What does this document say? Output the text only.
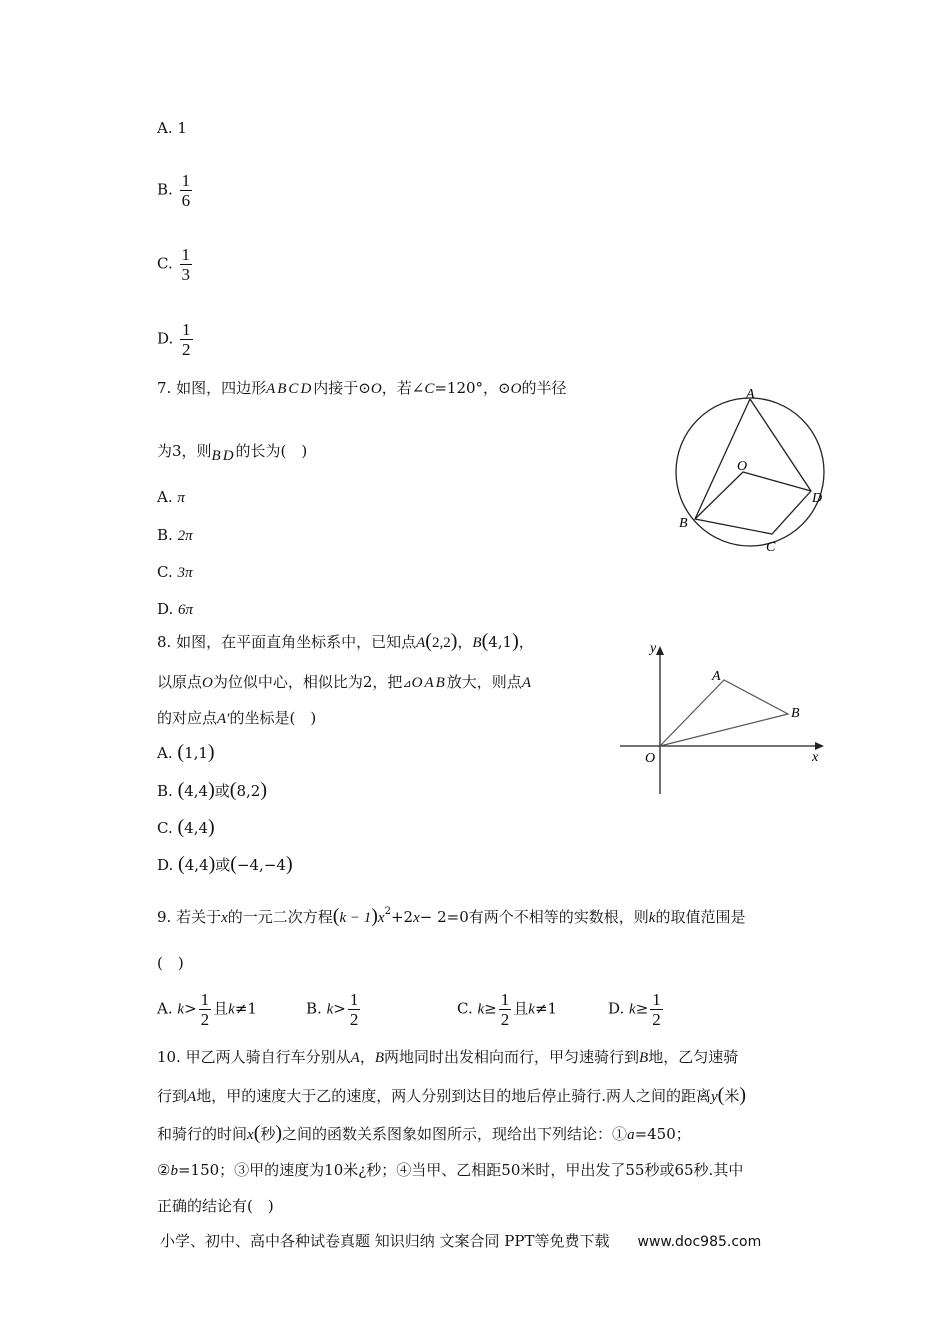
A. 1
B. $\frac{1}{6}$
C. $\frac{1}{3}$
D. $\frac{1}{2}$
7. 如图，四边形ABCD内接于⊙O，若∠C=120°，⊙O的半径
为3，则BD的长为(　)
A. π
B. 2π
C. 3π
D. 6π
A
B
C
D
O
8. 如图，在平面直角坐标系中，已知点A(2,2)，B(4,1)，
以原点O为位似中心，相似比为2，把⊿OAB放大，则点A
的对应点A′的坐标是(　)
A. (1,1)
B. (4,4)或(8,2)
C. (4,4)
D. (4,4)或(−4,−4)
y
x
O
A
B
9. 若关于x的一元二次方程$(k - 1)x^2+2x- 2=0$有两个不相等的实数根，则k的取值范围是
(　)
A. $k> \frac{1}{2}$ 且k≠1	B. $k> \frac{1}{2}$	C. $k\ge \frac{1}{2}$ 且k≠1	D. $k\ge \frac{1}{2}$
10. 甲乙两人骑自行车分别从A，B两地同时出发相向而行，甲匀速骑行到B地，乙匀速骑
行到A地，甲的速度大于乙的速度，两人分别到达目的地后停止骑行.两人之间的距离y(米)
和骑行的时间x(秒)之间的函数关系图象如图所示，现给出下列结论：①a=450；
②b=150；③甲的速度为10米¿秒；④当甲、乙相距50米时，甲出发了55秒或65秒.其中
正确的结论有(　)
小学、初中、高中各种试卷真题 知识归纳 文案合同 PPT等免费下载 www.doc985.com
